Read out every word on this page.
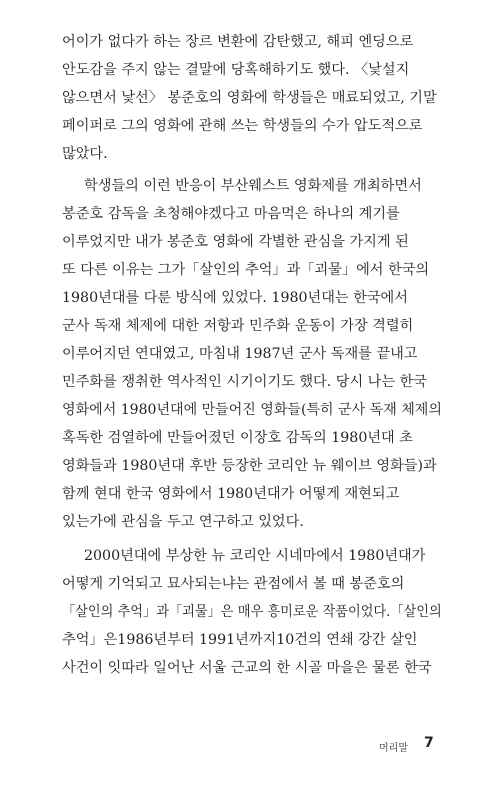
어이가 없다가 하는 장르 변환에 감탄했고, 해피 엔딩으로
안도감을 주지 않는 결말에 당혹해하기도 했다. 〈낯설지
않으면서 낯선〉 봉준호의 영화에 학생들은 매료되었고, 기말
페이퍼로 그의 영화에 관해 쓰는 학생들의 수가 압도적으로
많았다.
학생들의 이런 반응이 부산웨스트 영화제를 개최하면서
봉준호 감독을 초청해야겠다고 마음먹은 하나의 계기를
이루었지만 내가 봉준호 영화에 각별한 관심을 가지게 된
또 다른 이유는 그가「살인의 추억」과「괴물」에서 한국의
1980년대를 다룬 방식에 있었다. 1980년대는 한국에서
군사 독재 체제에 대한 저항과 민주화 운동이 가장 격렬히
이루어지던 연대였고, 마침내 1987년 군사 독재를 끝내고
민주화를 쟁취한 역사적인 시기이기도 했다. 당시 나는 한국
영화에서 1980년대에 만들어진 영화들(특히 군사 독재 체제의
혹독한 검열하에 만들어졌던 이장호 감독의 1980년대 초
영화들과 1980년대 후반 등장한 코리안 뉴 웨이브 영화들)과
함께 현대 한국 영화에서 1980년대가 어떻게 재현되고
있는가에 관심을 두고 연구하고 있었다.
2000년대에 부상한 뉴 코리안 시네마에서 1980년대가
어떻게 기억되고 묘사되는냐는 관점에서 볼 때 봉준호의
「살인의 추억」과「괴물」은 매우 흥미로운 작품이었다.「살인의
추억」은1986년부터 1991년까지10건의 연쇄 강간 살인
사건이 잇따라 일어난 서울 근교의 한 시골 마을은 물론 한국
머리말 7
